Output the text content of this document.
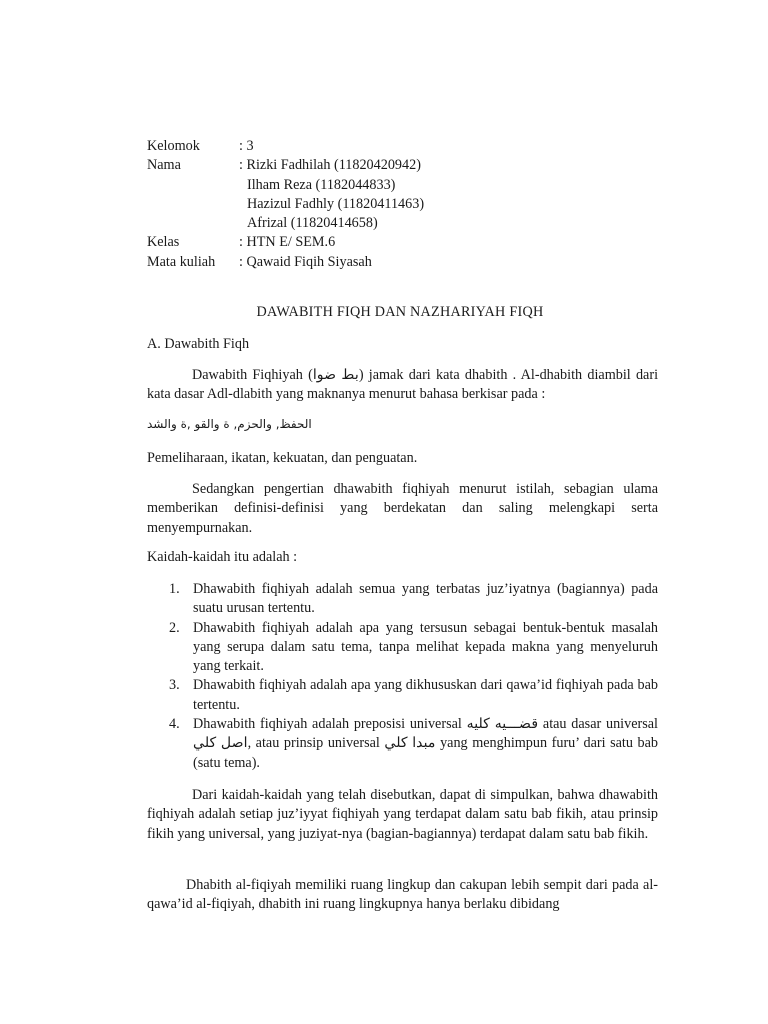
Kelomok	: 3
Nama	: Rizki Fadhilah (11820420942)
Ilham Reza (1182044833)
Hazizul Fadhly (11820411463)
Afrizal (11820414658)
Kelas	: HTN E/ SEM.6
Mata kuliah	: Qawaid Fiqih Siyasah
DAWABITH FIQH DAN NAZHARIYAH FIQH
A. Dawabith Fiqh
Dawabith Fiqhiyah (بط ضوا) jamak dari kata dhabith . Al-dhabith diambil dari kata dasar Adl-dlabith yang maknanya menurut bahasa berkisar pada :
الحفظ, والحزم, ة والقو ,ة والشد
Pemeliharaan, ikatan, kekuatan, dan penguatan.
Sedangkan pengertian dhawabith fiqhiyah menurut istilah, sebagian ulama memberikan definisi-definisi yang berdekatan dan saling melengkapi serta menyempurnakan.
Kaidah-kaidah itu adalah :
1. Dhawabith fiqhiyah adalah semua yang terbatas juz’iyatnya (bagiannya) pada suatu urusan tertentu.
2. Dhawabith fiqhiyah adalah apa yang tersusun sebagai bentuk-bentuk masalah yang serupa dalam satu tema, tanpa melihat kepada makna yang menyeluruh yang terkait.
3. Dhawabith fiqhiyah adalah apa yang dikhususkan dari qawa’id fiqhiyah pada bab tertentu.
4. Dhawabith fiqhiyah adalah preposisi universal قضـــيه كليه atau dasar universal اصل كلي, atau prinsip universal مبدا كلي yang menghimpun furu’ dari satu bab (satu tema).
Dari kaidah-kaidah yang telah disebutkan, dapat di simpulkan, bahwa dhawabith fiqhiyah adalah setiap juz’iyyat fiqhiyah yang terdapat dalam satu bab fikih, atau prinsip fikih yang universal, yang juziyat-nya (bagian-bagiannya) terdapat dalam satu bab fikih.
Dhabith al-fiqiyah memiliki ruang lingkup dan cakupan lebih sempit dari pada al-qawa’id al-fiqiyah, dhabith ini ruang lingkupnya hanya berlaku dibidang
